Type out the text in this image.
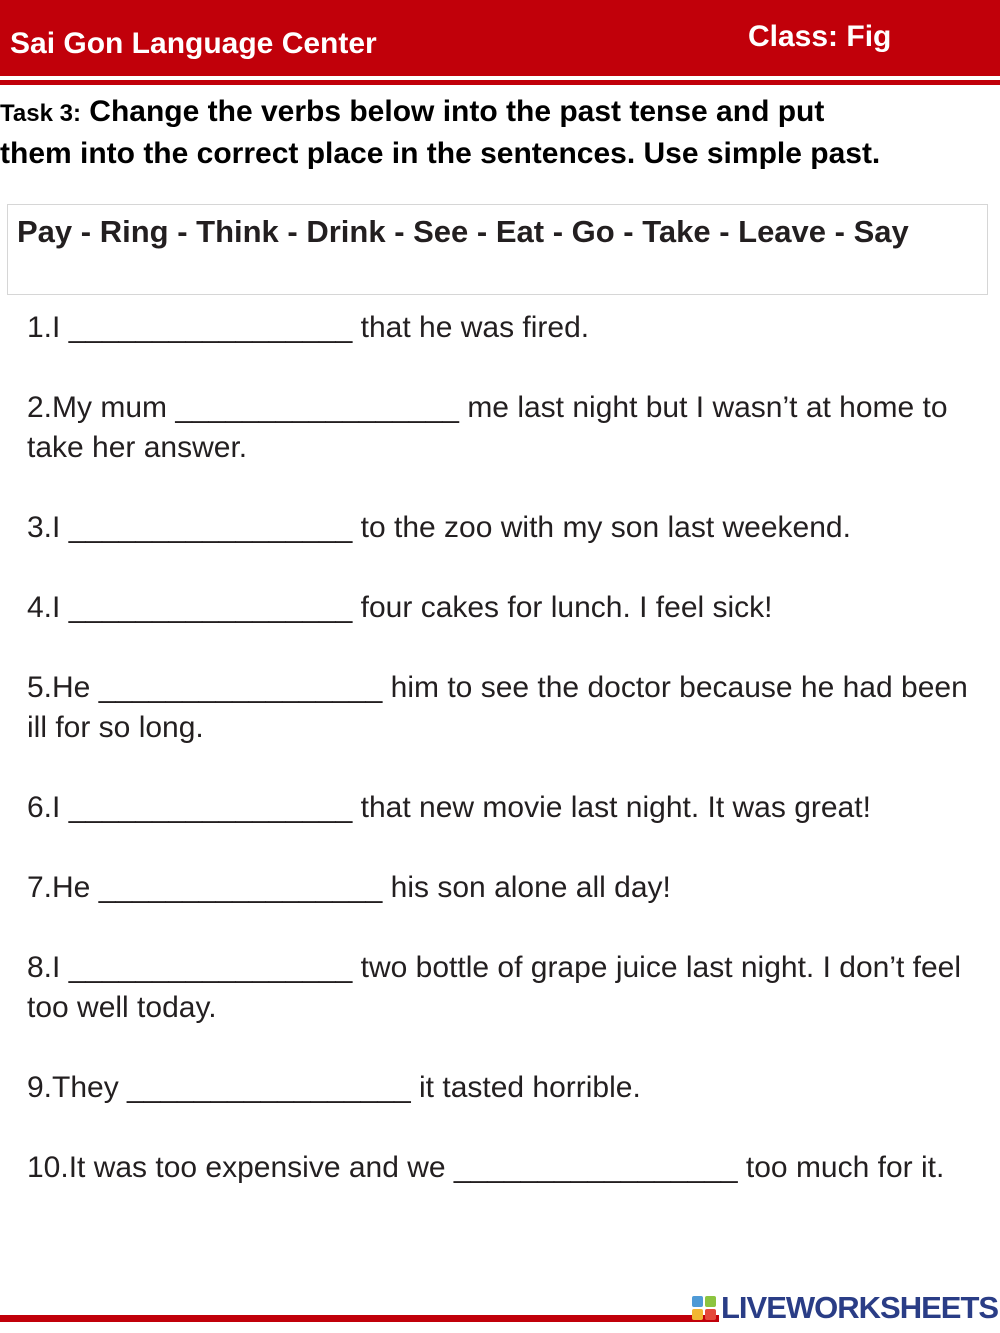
Sai Gon Language Center	Class: Fig
Task 3: Change the verbs below into the past tense and put
them into the correct place in the sentences. Use simple past.
Pay - Ring - Think - Drink - See - Eat - Go - Take - Leave - Say
1.I _________________ that he was fired.
2.My mum _________________ me last night but I wasn’t at home to take her answer.
3.I _________________ to the zoo with my son last weekend.
4.I _________________ four cakes for lunch. I feel sick!
5.He _________________ him to see the doctor because he had been ill for so long.
6.I _________________ that new movie last night. It was great!
7.He _________________ his son alone all day!
8.I _________________ two bottle of grape juice last night. I don’t feel too well today.
9.They _________________ it tasted horrible.
10.It was too expensive and we _________________ too much for it.
LIVEWORKSHEETS
